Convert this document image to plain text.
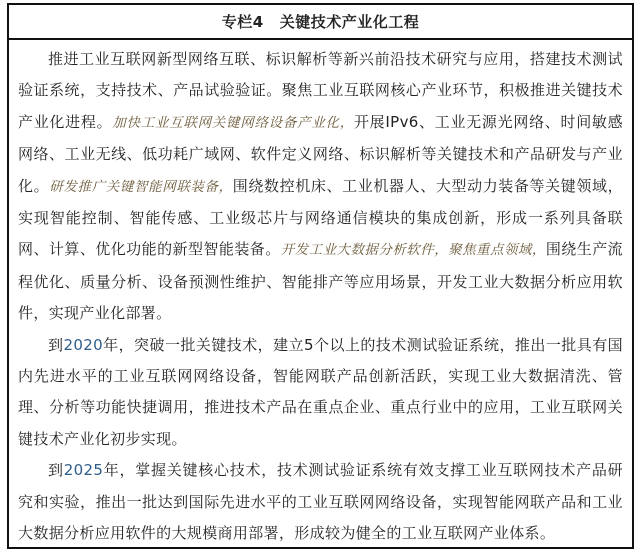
专栏4 关键技术产业化工程

推进工业互联网新型网络互联、标识解析等新兴前沿技术研究与应用，搭建技术测试验证系统，支持技术、产品试验验证。聚焦工业互联网核心产业环节，积极推进关键技术产业化进程。加快工业互联网关键网络设备产业化，开展IPv6、工业无源光网络、时间敏感网络、工业无线、低功耗广域网、软件定义网络、标识解析等关键技术和产品研发与产业化。研发推广关键智能网联装备，围绕数控机床、工业机器人、大型动力装备等关键领域，实现智能控制、智能传感、工业级芯片与网络通信模块的集成创新，形成一系列具备联网、计算、优化功能的新型智能装备。开发工业大数据分析软件，聚焦重点领域，围绕生产流程优化、质量分析、设备预测性维护、智能排产等应用场景，开发工业大数据分析应用软件，实现产业化部署。

到2020年，突破一批关键技术，建立5个以上的技术测试验证系统，推出一批具有国内先进水平的工业互联网网络设备，智能网联产品创新活跃，实现工业大数据清洗、管理、分析等功能快捷调用，推进技术产品在重点企业、重点行业中的应用，工业互联网关键技术产业化初步实现。

到2025年，掌握关键核心技术，技术测试验证系统有效支撑工业互联网技术产品研究和实验，推出一批达到国际先进水平的工业互联网网络设备，实现智能网联产品和工业大数据分析应用软件的大规模商用部署，形成较为健全的工业互联网产业体系。
